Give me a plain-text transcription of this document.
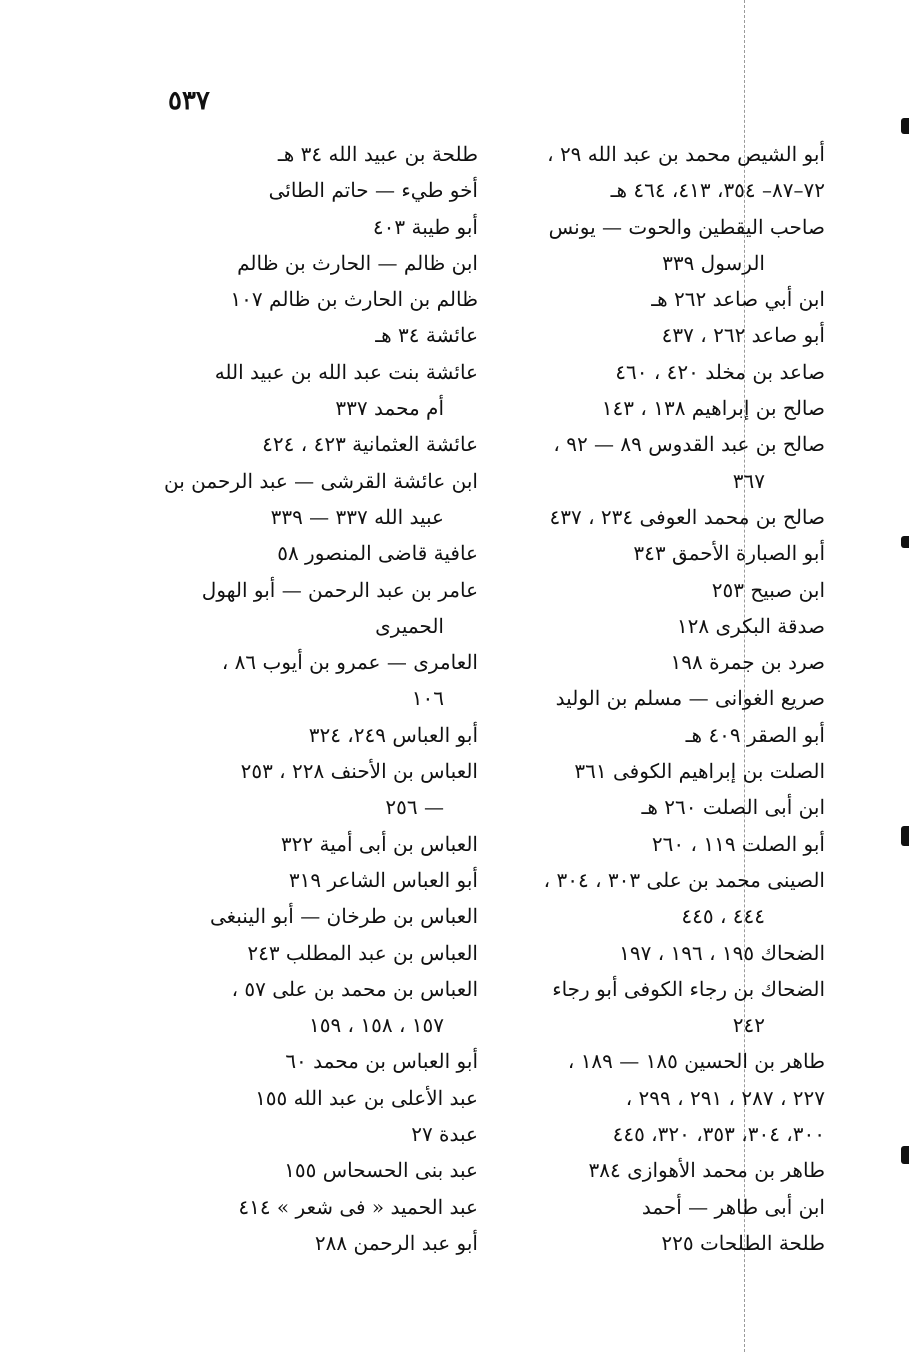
٥٣٧
أبو الشيص محمد بن عبد الله ٢٩ ،
٧٢–٨٧– ٣٥٤، ٤١٣، ٤٦٤ هـ
صاحب اليقطين والحوت — يونس
الرسول ٣٣٩
ابن أبي صاعد ٢٦٢ هـ
أبو صاعد ٢٦٢ ، ٤٣٧
صاعد بن مخلد ٤٢٠ ، ٤٦٠
صالح بن إبراهيم ١٣٨ ، ١٤٣
صالح بن عبد القدوس ٨٩ — ٩٢ ،
٣٦٧
صالح بن محمد العوفى ٢٣٤ ، ٤٣٧
أبو الصبارة الأحمق ٣٤٣
ابن صبيح ٢٥٣
صدقة البكرى ١٢٨
صرد بن جمرة ١٩٨
صريع الغوانى — مسلم بن الوليد
أبو الصقر ٤٠٩ هـ
الصلت بن إبراهيم الكوفى ٣٦١
ابن أبى الصلت ٢٦٠ هـ
أبو الصلت ١١٩ ، ٢٦٠
الصينى محمد بن على ٣٠٣ ، ٣٠٤ ،
٤٤٤ ، ٤٤٥
الضحاك ١٩٥ ، ١٩٦ ، ١٩٧
الضحاك بن رجاء الكوفى أبو رجاء
٢٤٢
طاهر بن الحسين ١٨٥ — ١٨٩ ،
٢٢٧ ، ٢٨٧ ، ٢٩١ ، ٢٩٩ ،
٣٠٠، ٣٠٤، ٣٥٣، ٣٢٠، ٤٤٥
طاهر بن محمد الأهوازى ٣٨٤
ابن أبى طاهر — أحمد
طلحة الطلحات ٢٢٥
طلحة بن عبيد الله ٣٤ هـ
أخو طيء — حاتم الطائى
أبو طيبة ٤٠٣
ابن ظالم — الحارث بن ظالم
ظالم بن الحارث بن ظالم ١٠٧
عائشة ٣٤ هـ
عائشة بنت عبد الله بن عبيد الله
أم محمد ٣٣٧
عائشة العثمانية ٤٢٣ ، ٤٢٤
ابن عائشة القرشى — عبد الرحمن بن
عبيد الله ٣٣٧ — ٣٣٩
عافية قاضى المنصور ٥٨
عامر بن عبد الرحمن — أبو الهول
الحميرى
العامرى — عمرو بن أيوب ٨٦ ،
١٠٦
أبو العباس ٢٤٩، ٣٢٤
العباس بن الأحنف ٢٢٨ ، ٢٥٣
— ٢٥٦
العباس بن أبى أمية ٣٢٢
أبو العباس الشاعر ٣١٩
العباس بن طرخان — أبو الينبغى
العباس بن عبد المطلب ٢٤٣
العباس بن محمد بن على ٥٧ ،
١٥٧ ، ١٥٨ ، ١٥٩
أبو العباس بن محمد ٦٠
عبد الأعلى بن عبد الله ١٥٥
عبدة ٢٧
عبد بنى الحسحاس ١٥٥
عبد الحميد « فى شعر » ٤١٤
أبو عبد الرحمن ٢٨٨
